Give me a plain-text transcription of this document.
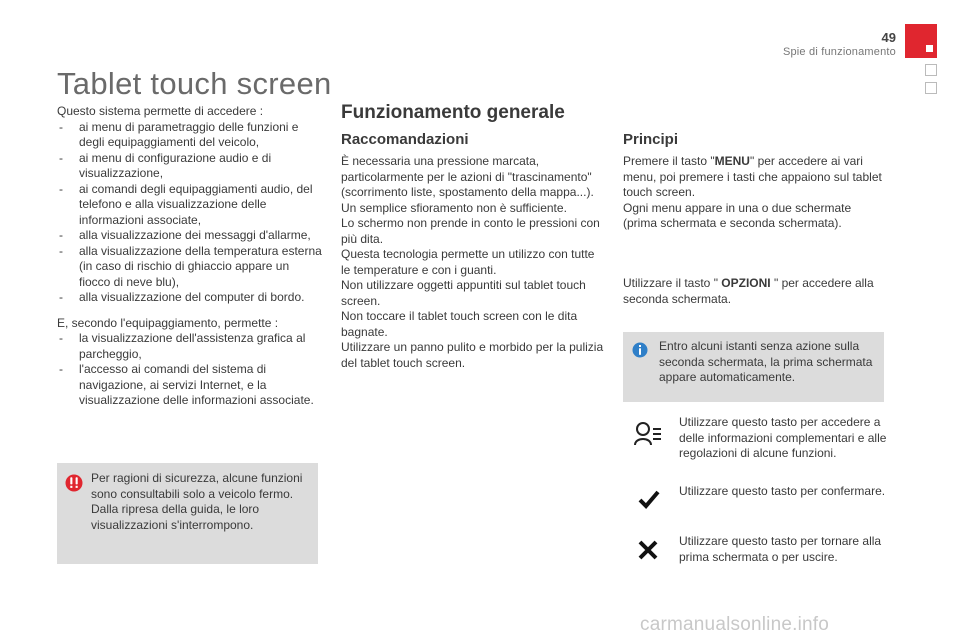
49
Spie di funzionamento
Tablet touch screen

Questo sistema permette di accedere :

- ai menu di parametraggio delle funzioni e degli equipaggiamenti del veicolo,
- ai menu di configurazione audio e di visualizzazione,
- ai comandi degli equipaggiamenti audio, del telefono e alla visualizzazione delle informazioni associate,
- alla visualizzazione dei messaggi d'allarme,
- alla visualizzazione della temperatura esterna (in caso di rischio di ghiaccio appare un fiocco di neve blu),
- alla visualizzazione del computer di bordo.

E, secondo l'equipaggiamento, permette :

- la visualizzazione dell'assistenza grafica al parcheggio,
- l'accesso ai comandi del sistema di navigazione, ai servizi Internet, e la visualizzazione delle informazioni associate.
Per ragioni di sicurezza, alcune funzioni sono consultabili solo a veicolo fermo. Dalla ripresa della guida, le loro visualizzazioni s'interrompono.
Funzionamento generale
Raccomandazioni

È necessaria una pressione marcata, particolarmente per le azioni di "trascinamento" (scorrimento liste, spostamento della mappa...).

Un semplice sfioramento non è sufficiente.

Lo schermo non prende in conto le pressioni con più dita.

Questa tecnologia permette un utilizzo con tutte le temperature e con i guanti.

Non utilizzare oggetti appuntiti sul tablet touch screen.

Non toccare il tablet touch screen con le dita bagnate.

Utilizzare un panno pulito e morbido per la pulizia del tablet touch screen.

Principi

Premere il tasto "MENU" per accedere ai vari menu, poi premere i tasti che appaiono sul tablet touch screen.

Ogni menu appare in una o due schermate (prima schermata e seconda schermata).

Utilizzare il tasto " OPZIONI " per accedere alla seconda schermata.

Entro alcuni istanti senza azione sulla seconda schermata, la prima schermata appare automaticamente.
Utilizzare questo tasto per accedere a delle informazioni complementari e alle regolazioni di alcune funzioni.
Utilizzare questo tasto per confermare.
Utilizzare questo tasto per tornare alla prima schermata o per uscire.
carmanualsonline.info
